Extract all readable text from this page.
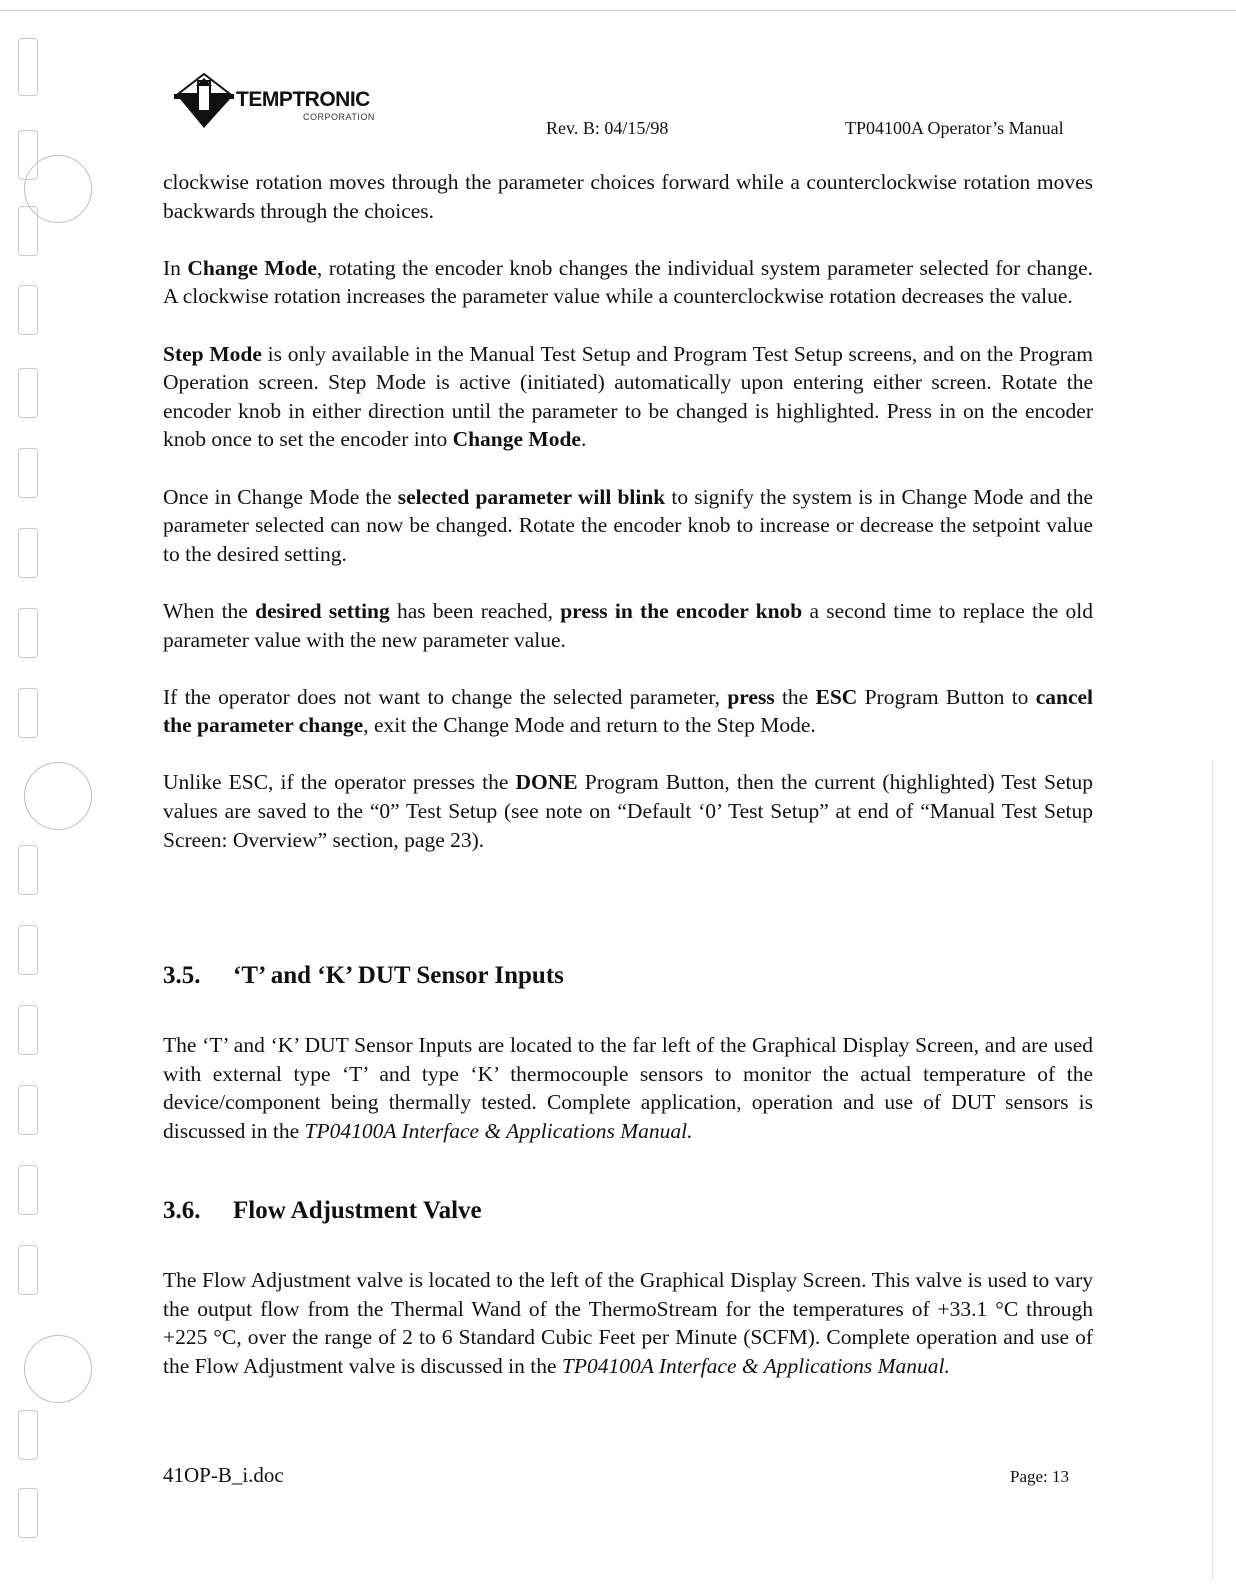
TEMPTRONIC
CORPORATION
Rev. B: 04/15/98	TP04100A Operator’s Manual

clockwise rotation moves through the parameter choices forward while a counterclockwise rotation moves backwards through the choices.

In Change Mode, rotating the encoder knob changes the individual system parameter selected for change. A clockwise rotation increases the parameter value while a counterclockwise rotation decreases the value.

Step Mode is only available in the Manual Test Setup and Program Test Setup screens, and on the Program Operation screen. Step Mode is active (initiated) automatically upon entering either screen. Rotate the encoder knob in either direction until the parameter to be changed is highlighted. Press in on the encoder knob once to set the encoder into Change Mode.

Once in Change Mode the selected parameter will blink to signify the system is in Change Mode and the parameter selected can now be changed. Rotate the encoder knob to increase or decrease the setpoint value to the desired setting.

When the desired setting has been reached, press in the encoder knob a second time to replace the old parameter value with the new parameter value.

If the operator does not want to change the selected parameter, press the ESC Program Button to cancel the parameter change, exit the Change Mode and return to the Step Mode.

Unlike ESC, if the operator presses the DONE Program Button, then the current (highlighted) Test Setup values are saved to the “0” Test Setup (see note on “Default ‘0’ Test Setup” at end of “Manual Test Setup Screen: Overview” section, page 23).

3.5. ‘T’ and ‘K’ DUT Sensor Inputs

The ‘T’ and ‘K’ DUT Sensor Inputs are located to the far left of the Graphical Display Screen, and are used with external type ‘T’ and type ‘K’ thermocouple sensors to monitor the actual temperature of the device/component being thermally tested. Complete application, operation and use of DUT sensors is discussed in the TP04100A Interface & Applications Manual.

3.6. Flow Adjustment Valve

The Flow Adjustment valve is located to the left of the Graphical Display Screen. This valve is used to vary the output flow from the Thermal Wand of the ThermoStream for the temperatures of +33.1 °C through +225 °C, over the range of 2 to 6 Standard Cubic Feet per Minute (SCFM). Complete operation and use of the Flow Adjustment valve is discussed in the TP04100A Interface & Applications Manual.

41OP-B_i.doc	Page: 13
